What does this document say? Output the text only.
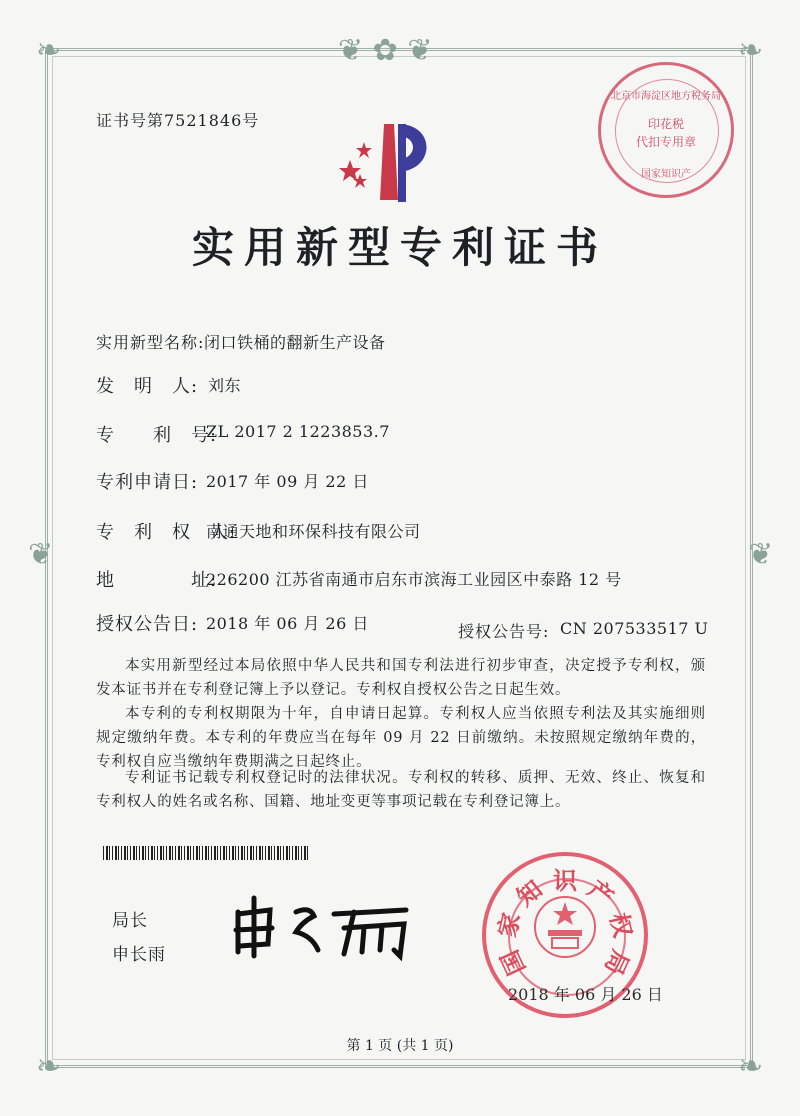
❦ ✿ ❦
❧	❧
❧	❧
❦	❦
证书号第7521846号
北京市海淀区地方税务局
印花税
代扣专用章
国家知识产
实用新型专利证书
实用新型名称: 闭口铁桶的翻新生产设备
发　明　人: 刘东
专　　利　号:
ZL 2017 2 1223853.7
专利申请日: 2017 年 09 月 22 日
专　利　权　人:
南通天地和环保科技有限公司
地　　　　址:
226200 江苏省南通市启东市滨海工业园区中泰路 12 号
授权公告日: 2018 年 06 月 26 日	授权公告号: CN 207533517 U
本实用新型经过本局依照中华人民共和国专利法进行初步审查，决定授予专利权，颁发本证书并在专利登记簿上予以登记。专利权自授权公告之日起生效。
本专利的专利权期限为十年，自申请日起算。专利权人应当依照专利法及其实施细则规定缴纳年费。本专利的年费应当在每年 09 月 22 日前缴纳。未按照规定缴纳年费的，专利权自应当缴纳年费期满之日起终止。
专利证书记载专利权登记时的法律状况。专利权的转移、质押、无效、终止、恢复和专利权人的姓名或名称、国籍、地址变更等事项记载在专利登记簿上。
局长
申长雨	国
家
知 识 产
权
局
2018 年 06 月 26 日
第 1 页 (共 1 页)
